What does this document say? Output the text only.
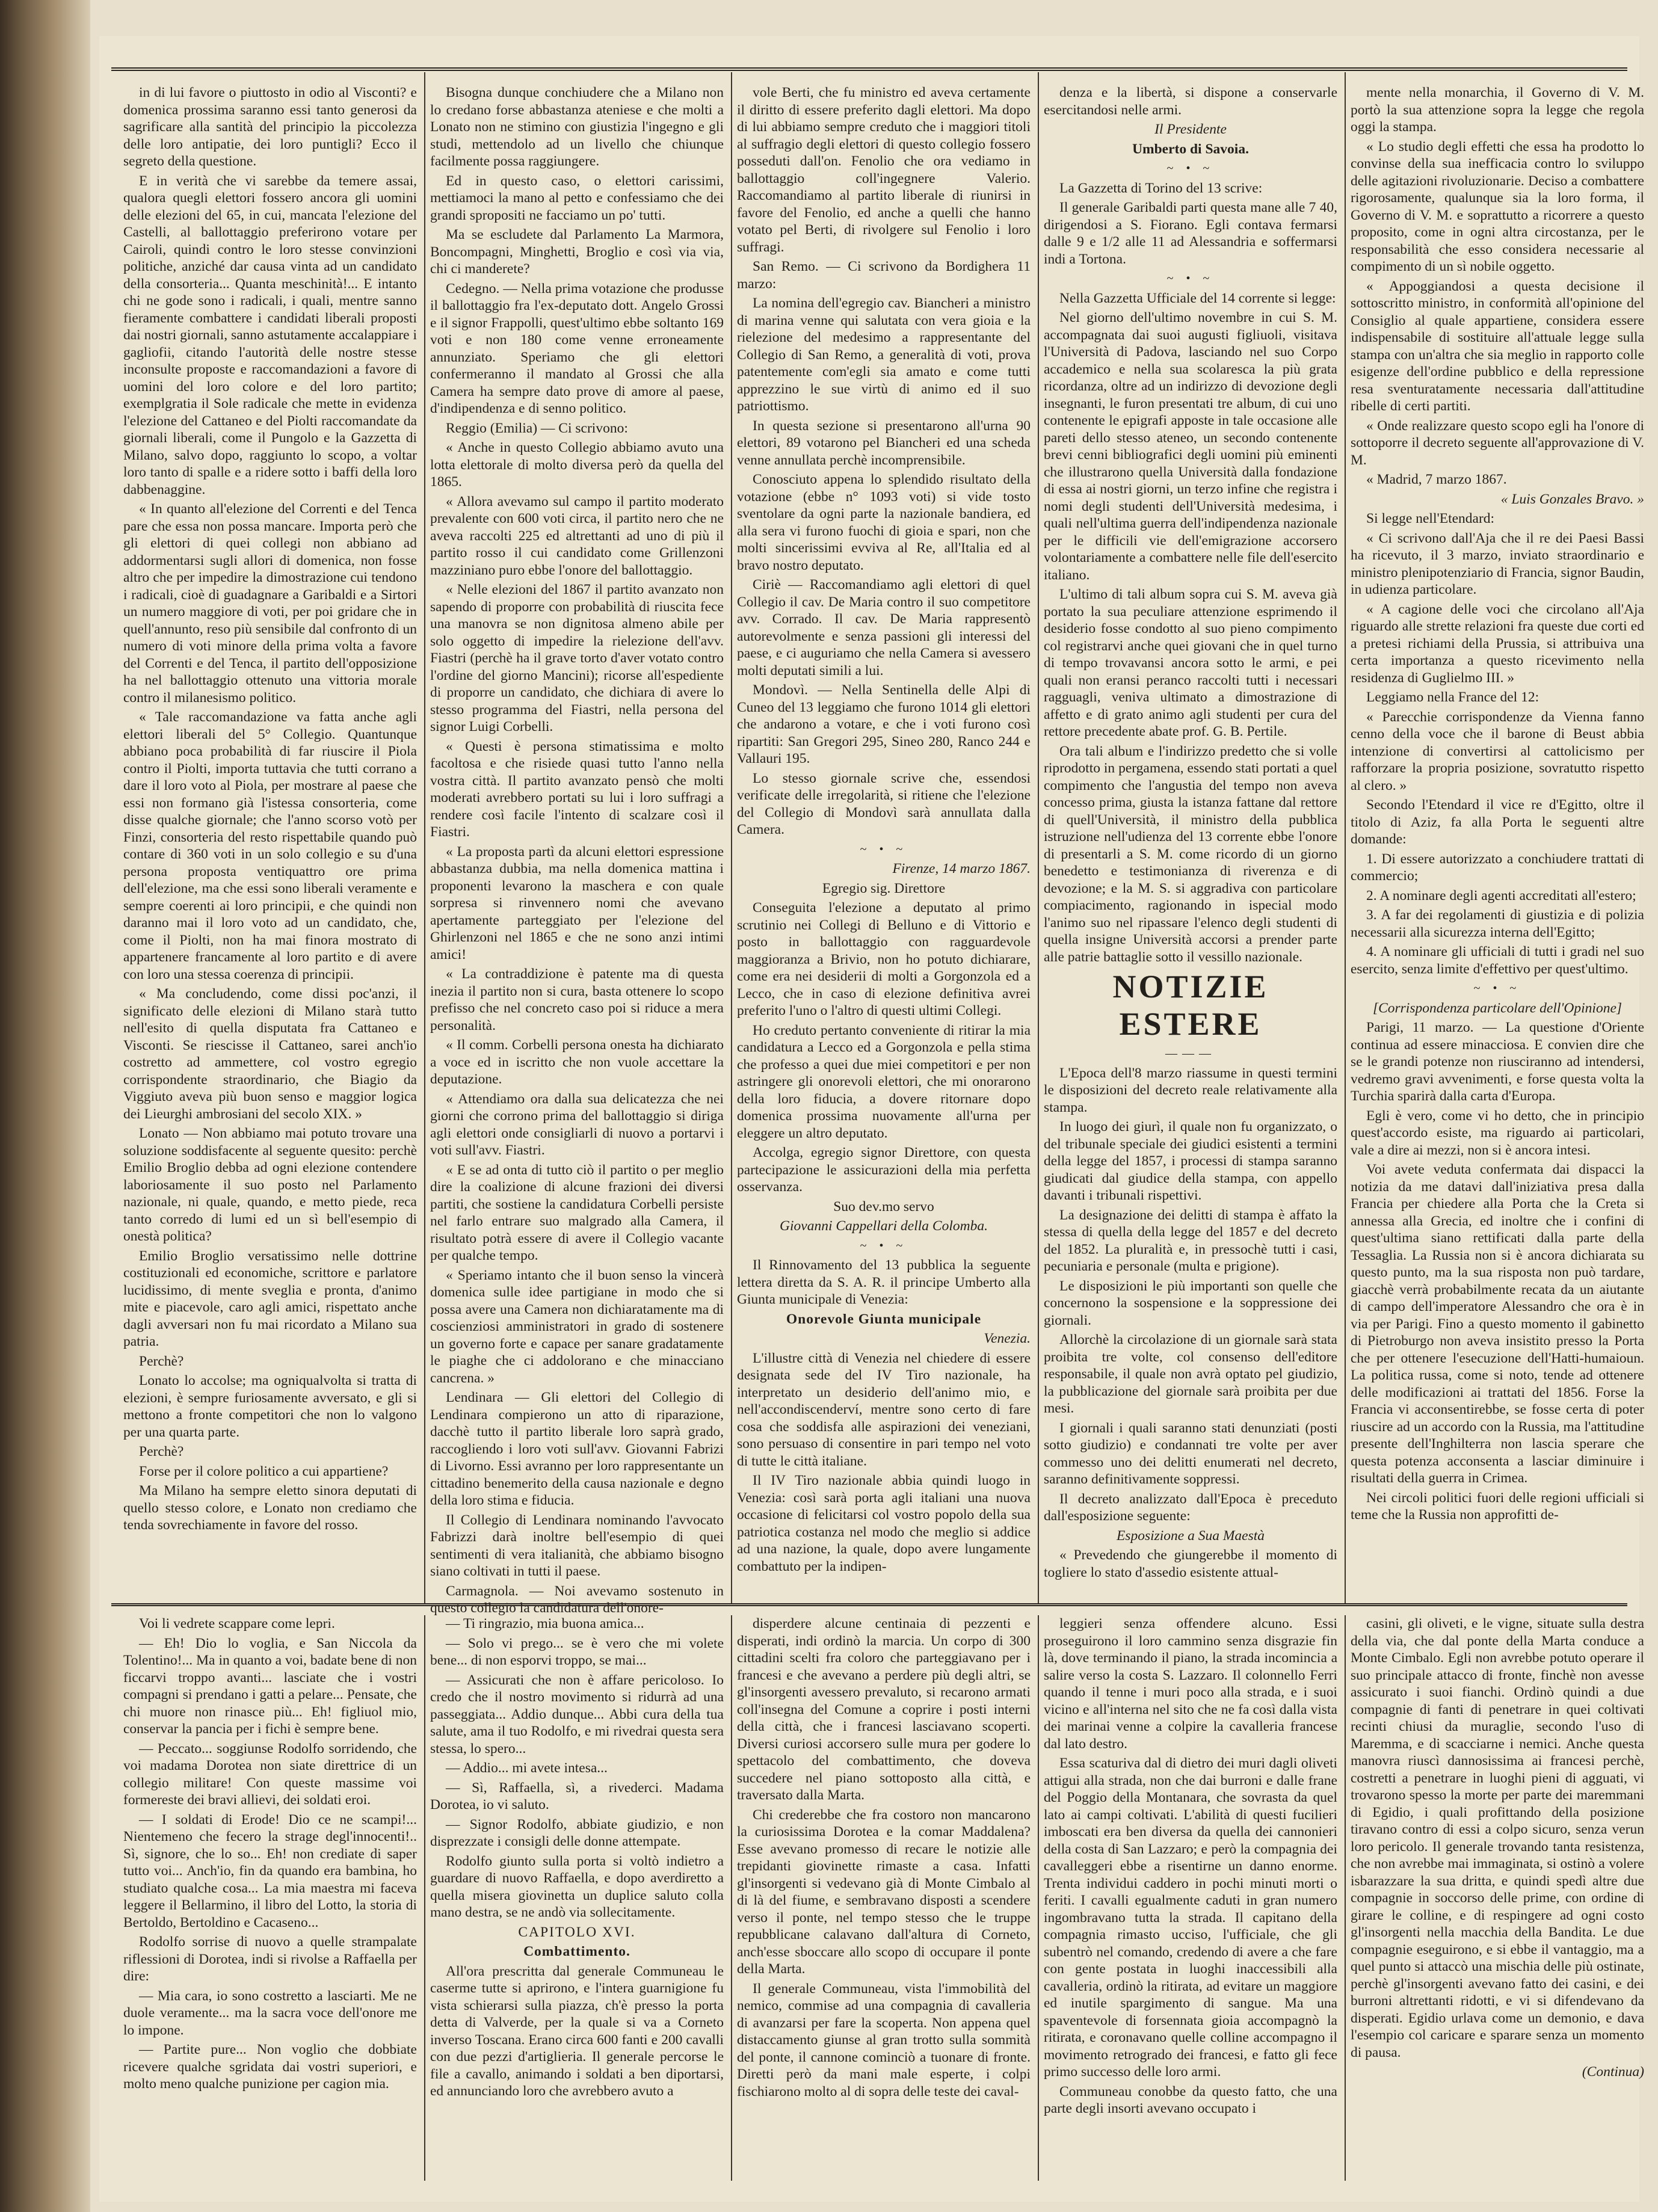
in di lui favore o piuttosto in odio al Visconti? e domenica prossima saranno essi tanto generosi da sagrificare alla santità del principio la piccolezza delle loro antipatie, dei loro puntigli? Ecco il segreto della questione.

E in verità che vi sarebbe da temere assai, qualora quegli elettori fossero ancora gli uomini delle elezioni del 65, in cui, mancata l'elezione del Castelli, al ballottaggio preferirono votare per Cairoli, quindi contro le loro stesse convinzioni politiche, anziché dar causa vinta ad un candidato della consorteria... Quanta meschinità!... E intanto chi ne gode sono i radicali, i quali, mentre sanno fieramente combattere i candidati liberali proposti dai nostri giornali, sanno astutamente accalappiare i gagliofii, citando l'autorità delle nostre stesse inconsulte proposte e raccomandazioni a favore di uomini del loro colore e del loro partito; exemplgratia il Sole radicale che mette in evidenza l'elezione del Cattaneo e del Piolti raccomandate da giornali liberali, come il Pungolo e la Gazzetta di Milano, salvo dopo, raggiunto lo scopo, a voltar loro tanto di spalle e a ridere sotto i baffi della loro dabbenaggine.

« In quanto all'elezione del Correnti e del Tenca pare che essa non possa mancare. Importa però che gli elettori di quei collegi non abbiano ad addormentarsi sugli allori di domenica, non fosse altro che per impedire la dimostrazione cui tendono i radicali, cioè di guadagnare a Garibaldi e a Sirtori un numero maggiore di voti, per poi gridare che in quell'annunto, reso più sensibile dal confronto di un numero di voti minore della prima volta a favore del Correnti e del Tenca, il partito dell'opposizione ha nel ballottaggio ottenuto una vittoria morale contro il milanesismo politico.

« Tale raccomandazione va fatta anche agli elettori liberali del 5° Collegio. Quantunque abbiano poca probabilità di far riuscire il Piola contro il Piolti, importa tuttavia che tutti corrano a dare il loro voto al Piola, per mostrare al paese che essi non formano già l'istessa consorteria, come disse qualche giornale; che l'anno scorso votò per Finzi, consorteria del resto rispettabile quando può contare di 360 voti in un solo collegio e su d'una persona proposta ventiquattro ore prima dell'elezione, ma che essi sono liberali veramente e sempre coerenti ai loro principii, e che quindi non daranno mai il loro voto ad un candidato, che, come il Piolti, non ha mai finora mostrato di appartenere francamente al loro partito e di avere con loro una stessa coerenza di principii.

« Ma concludendo, come dissi poc'anzi, il significato delle elezioni di Milano starà tutto nell'esito di quella disputata fra Cattaneo e Visconti. Se riescisse il Cattaneo, sarei anch'io costretto ad ammettere, col vostro egregio corrispondente straordinario, che Biagio da Viggiuto aveva più buon senso e maggior logica dei Lieurghi ambrosiani del secolo XIX. »

Lonato — Non abbiamo mai potuto trovare una soluzione soddisfacente al seguente quesito: perchè Emilio Broglio debba ad ogni elezione contendere laboriosamente il suo posto nel Parlamento nazionale, ni quale, quando, e metto piede, reca tanto corredo di lumi ed un sì bell'esempio di onestà politica?

Emilio Broglio versatissimo nelle dottrine costituzionali ed economiche, scrittore e parlatore lucidissimo, di mente sveglia e pronta, d'animo mite e piacevole, caro agli amici, rispettato anche dagli avversari non fu mai ricordato a Milano sua patria.

Perchè?

Lonato lo accolse; ma ogniqualvolta si tratta di elezioni, è sempre furiosamente avversato, e gli si mettono a fronte competitori che non lo valgono per una quarta parte.

Perchè?

Forse per il colore politico a cui appartiene?

Ma Milano ha sempre eletto sinora deputati di quello stesso colore, e Lonato non crediamo che tenda sovrechiamente in favore del rosso.

Bisogna dunque conchiudere che a Milano non lo credano forse abbastanza ateniese e che molti a Lonato non ne stimino con giustizia l'ingegno e gli studi, mettendolo ad un livello che chiunque facilmente possa raggiungere.

Ed in questo caso, o elettori carissimi, mettiamoci la mano al petto e confessiamo che dei grandi spropositi ne facciamo un po' tutti.

Ma se escludete dal Parlamento La Marmora, Boncompagni, Minghetti, Broglio e così via via, chi ci manderete?

Cedegno. — Nella prima votazione che produsse il ballottaggio fra l'ex-deputato dott. Angelo Grossi e il signor Frappolli, quest'ultimo ebbe soltanto 169 voti e non 180 come venne erroneamente annunziato. Speriamo che gli elettori confermeranno il mandato al Grossi che alla Camera ha sempre dato prove di amore al paese, d'indipendenza e di senno politico.

Reggio (Emilia) — Ci scrivono:

« Anche in questo Collegio abbiamo avuto una lotta elettorale di molto diversa però da quella del 1865.

« Allora avevamo sul campo il partito moderato prevalente con 600 voti circa, il partito nero che ne aveva raccolti 225 ed altrettanti ad uno di più il partito rosso il cui candidato come Grillenzoni mazziniano puro ebbe l'onore del ballottaggio.

« Nelle elezioni del 1867 il partito avanzato non sapendo di proporre con probabilità di riuscita fece una manovra se non dignitosa almeno abile per solo oggetto di impedire la rielezione dell'avv. Fiastri (perchè ha il grave torto d'aver votato contro l'ordine del giorno Mancini); ricorse all'espediente di proporre un candidato, che dichiara di avere lo stesso programma del Fiastri, nella persona del signor Luigi Corbelli.

« Questi è persona stimatissima e molto facoltosa e che risiede quasi tutto l'anno nella vostra città. Il partito avanzato pensò che molti moderati avrebbero portati su lui i loro suffragi a rendere così facile l'intento di scalzare così il Fiastri.

« La proposta partì da alcuni elettori espressione abbastanza dubbia, ma nella domenica mattina i proponenti levarono la maschera e con quale sorpresa si rinvennero nomi che avevano apertamente parteggiato per l'elezione del Ghirlenzoni nel 1865 e che ne sono anzi intimi amici!

« La contraddizione è patente ma di questa inezia il partito non si cura, basta ottenere lo scopo prefisso che nel concreto caso poi si riduce a mera personalità.

« Il comm. Corbelli persona onesta ha dichiarato a voce ed in iscritto che non vuole accettare la deputazione.

« Attendiamo ora dalla sua delicatezza che nei giorni che corrono prima del ballottaggio si diriga agli elettori onde consigliarli di nuovo a portarvi i voti sull'avv. Fiastri.

« E se ad onta di tutto ciò il partito o per meglio dire la coalizione di alcune frazioni dei diversi partiti, che sostiene la candidatura Corbelli persiste nel farlo entrare suo malgrado alla Camera, il risultato potrà essere di avere il Collegio vacante per qualche tempo.

« Speriamo intanto che il buon senso la vincerà domenica sulle idee partigiane in modo che si possa avere una Camera non dichiaratamente ma di coscienziosi amministratori in grado di sostenere un governo forte e capace per sanare gradatamente le piaghe che ci addolorano e che minacciano cancrena. »

Lendinara — Gli elettori del Collegio di Lendinara compierono un atto di riparazione, dacchè tutto il partito liberale loro saprà grado, raccogliendo i loro voti sull'avv. Giovanni Fabrizi di Livorno. Essi avranno per loro rappresentante un cittadino benemerito della causa nazionale e degno della loro stima e fiducia.

Il Collegio di Lendinara nominando l'avvocato Fabrizzi darà inoltre bell'esempio di quei sentimenti di vera italianità, che abbiamo bisogno siano coltivati in tutti il paese.

Carmagnola. — Noi avevamo sostenuto in questo collegio la candidatura dell'onore-

vole Berti, che fu ministro ed aveva certamente il diritto di essere preferito dagli elettori. Ma dopo di lui abbiamo sempre creduto che i maggiori titoli al suffragio degli elettori di questo collegio fossero posseduti dall'on. Fenolio che ora vediamo in ballottaggio coll'ingegnere Valerio. Raccomandiamo al partito liberale di riunirsi in favore del Fenolio, ed anche a quelli che hanno votato pel Berti, di rivolgere sul Fenolio i loro suffragi.

San Remo. — Ci scrivono da Bordighera 11 marzo:

La nomina dell'egregio cav. Biancheri a ministro di marina venne qui salutata con vera gioia e la rielezione del medesimo a rappresentante del Collegio di San Remo, a generalità di voti, prova patentemente com'egli sia amato e come tutti apprezzino le sue virtù di animo ed il suo patriottismo.

In questa sezione si presentarono all'urna 90 elettori, 89 votarono pel Biancheri ed una scheda venne annullata perchè incomprensibile.

Conosciuto appena lo splendido risultato della votazione (ebbe n° 1093 voti) si vide tosto sventolare da ogni parte la nazionale bandiera, ed alla sera vi furono fuochi di gioia e spari, non che molti sincerissimi evviva al Re, all'Italia ed al bravo nostro deputato.

Ciriè — Raccomandiamo agli elettori di quel Collegio il cav. De Maria contro il suo competitore avv. Corrado. Il cav. De Maria rappresentò autorevolmente e senza passioni gli interessi del paese, e ci auguriamo che nella Camera si avessero molti deputati simili a lui.

Mondovì. — Nella Sentinella delle Alpi di Cuneo del 13 leggiamo che furono 1014 gli elettori che andarono a votare, e che i voti furono così ripartiti: San Gregori 295, Sineo 280, Ranco 244 e Vallauri 195.

Lo stesso giornale scrive che, essendosi verificate delle irregolarità, si ritiene che l'elezione del Collegio di Mondovì sarà annullata dalla Camera.

~ • ~

Firenze, 14 marzo 1867.

Egregio sig. Direttore

Conseguita l'elezione a deputato al primo scrutinio nei Collegi di Belluno e di Vittorio e posto in ballottaggio con ragguardevole maggioranza a Brivio, non ho potuto dichiarare, come era nei desiderii di molti a Gorgonzola ed a Lecco, che in caso di elezione definitiva avrei preferito l'uno o l'altro di questi ultimi Collegi.

Ho creduto pertanto conveniente di ritirar la mia candidatura a Lecco ed a Gorgonzola e pella stima che professo a quei due miei competitori e per non astringere gli onorevoli elettori, che mi onorarono della loro fiducia, a dovere ritornare dopo domenica prossima nuovamente all'urna per eleggere un altro deputato.

Accolga, egregio signor Direttore, con questa partecipazione le assicurazioni della mia perfetta osservanza.

Suo dev.mo servo

Giovanni Cappellari della Colomba.

~ • ~

Il Rinnovamento del 13 pubblica la seguente lettera diretta da S. A. R. il principe Umberto alla Giunta municipale di Venezia:

Onorevole Giunta municipale

Venezia.

L'illustre città di Venezia nel chiedere di essere designata sede del IV Tiro nazionale, ha interpretato un desiderio dell'animo mio, e nell'accondiscenderví, mentre sono certo di fare cosa che soddisfa alle aspirazioni dei veneziani, sono persuaso di consentire in pari tempo nel voto di tutte le città italiane.

Il IV Tiro nazionale abbia quindi luogo in Venezia: così sarà porta agli italiani una nuova occasione di felicitarsi col vostro popolo della sua patriotica costanza nel modo che meglio si addice ad una nazione, la quale, dopo avere lungamente combattuto per la indipen-

denza e la libertà, si dispone a conservarle esercitandosi nelle armi.

Il Presidente

Umberto di Savoia.

~ • ~

La Gazzetta di Torino del 13 scrive:

Il generale Garibaldi parti questa mane alle 7 40, dirigendosi a S. Fiorano. Egli contava fermarsi dalle 9 e 1/2 alle 11 ad Alessandria e soffermarsi indi a Tortona.

~ • ~

Nella Gazzetta Ufficiale del 14 corrente si legge:

Nel giorno dell'ultimo novembre in cui S. M. accompagnata dai suoi augusti figliuoli, visitava l'Università di Padova, lasciando nel suo Corpo accademico e nella sua scolaresca la più grata ricordanza, oltre ad un indirizzo di devozione degli insegnanti, le furon presentati tre album, di cui uno contenente le epigrafi apposte in tale occasione alle pareti dello stesso ateneo, un secondo contenente brevi cenni bibliografici degli uomini più eminenti che illustrarono quella Università dalla fondazione di essa ai nostri giorni, un terzo infine che registra i nomi degli studenti dell'Università medesima, i quali nell'ultima guerra dell'indipendenza nazionale per le difficili vie dell'emigrazione accorsero volontariamente a combattere nelle file dell'esercito italiano.

L'ultimo di tali album sopra cui S. M. aveva già portato la sua peculiare attenzione esprimendo il desiderio fosse condotto al suo pieno compimento col registrarvi anche quei giovani che in quel turno di tempo trovavansi ancora sotto le armi, e pei quali non eransi peranco raccolti tutti i necessari ragguagli, veniva ultimato a dimostrazione di affetto e di grato animo agli studenti per cura del rettore precedente abate prof. G. B. Pertile.

Ora tali album e l'indirizzo predetto che si volle riprodotto in pergamena, essendo stati portati a quel compimento che l'angustia del tempo non aveva concesso prima, giusta la istanza fattane dal rettore di quell'Università, il ministro della pubblica istruzione nell'udienza del 13 corrente ebbe l'onore di presentarli a S. M. come ricordo di un giorno benedetto e testimonianza di riverenza e di devozione; e la M. S. si aggradiva con particolare compiacimento, ragionando in ispecial modo l'animo suo nel ripassare l'elenco degli studenti di quella insigne Università accorsi a prender parte alle patrie battaglie sotto il vessillo nazionale.

NOTIZIE ESTERE

———

L'Epoca dell'8 marzo riassume in questi termini le disposizioni del decreto reale relativamente alla stampa.

In luogo dei giurì, il quale non fu organizzato, o del tribunale speciale dei giudici esistenti a termini della legge del 1857, i processi di stampa saranno giudicati dal giudice della stampa, con appello davanti i tribunali rispettivi.

La designazione dei delitti di stampa è affato la stessa di quella della legge del 1857 e del decreto del 1852. La pluralità e, in pressochè tutti i casi, pecuniaria e personale (multa e prigione).

Le disposizioni le più importanti son quelle che concernono la sospensione e la soppressione dei giornali.

Allorchè la circolazione di un giornale sarà stata proibita tre volte, col consenso dell'editore responsabile, il quale non avrà optato pel giudizio, la pubblicazione del giornale sarà proibita per due mesi.

I giornali i quali saranno stati denunziati (posti sotto giudizio) e condannati tre volte per aver commesso uno dei delitti enumerati nel decreto, saranno definitivamente soppressi.

Il decreto analizzato dall'Epoca è preceduto dall'esposizione seguente:

Esposizione a Sua Maestà

« Prevedendo che giungerebbe il momento di togliere lo stato d'assedio esistente attual-

mente nella monarchia, il Governo di V. M. portò la sua attenzione sopra la legge che regola oggi la stampa.

« Lo studio degli effetti che essa ha prodotto lo convinse della sua inefficacia contro lo sviluppo delle agitazioni rivoluzionarie. Deciso a combattere rigorosamente, qualunque sia la loro forma, il Governo di V. M. e soprattutto a ricorrere a questo proposito, come in ogni altra circostanza, per le responsabilità che esso considera necessarie al compimento di un sì nobile oggetto.

« Appoggiandosi a questa decisione il sottoscritto ministro, in conformità all'opinione del Consiglio al quale appartiene, considera essere indispensabile di sostituire all'attuale legge sulla stampa con un'altra che sia meglio in rapporto colle esigenze dell'ordine pubblico e della repressione resa sventuratamente necessaria dall'attitudine ribelle di certi partiti.

« Onde realizzare questo scopo egli ha l'onore di sottoporre il decreto seguente all'approvazione di V. M.

« Madrid, 7 marzo 1867.

« Luis Gonzales Bravo. »

Si legge nell'Etendard:

« Ci scrivono dall'Aja che il re dei Paesi Bassi ha ricevuto, il 3 marzo, inviato straordinario e ministro plenipotenziario di Francia, signor Baudin, in udienza particolare.

« A cagione delle voci che circolano all'Aja riguardo alle strette relazioni fra queste due corti ed a pretesi richiami della Prussia, si attribuiva una certa importanza a questo ricevimento nella residenza di Guglielmo III. »

Leggiamo nella France del 12:

« Parecchie corrispondenze da Vienna fanno cenno della voce che il barone di Beust abbia intenzione di convertirsi al cattolicismo per rafforzare la propria posizione, sovratutto rispetto al clero. »

Secondo l'Etendard il vice re d'Egitto, oltre il titolo di Aziz, fa alla Porta le seguenti altre domande:

1. Di essere autorizzato a conchiudere trattati di commercio;

2. A nominare degli agenti accreditati all'estero;

3. A far dei regolamenti di giustizia e di polizia necessarii alla sicurezza interna dell'Egitto;

4. A nominare gli ufficiali di tutti i gradi nel suo esercito, senza limite d'effettivo per quest'ultimo.

~ • ~

[Corrispondenza particolare dell'Opinione]

Parigi, 11 marzo. — La questione d'Oriente continua ad essere minacciosa. E convien dire che se le grandi potenze non riusciranno ad intendersi, vedremo gravi avvenimenti, e forse questa volta la Turchia sparirà dalla carta d'Europa.

Egli è vero, come vi ho detto, che in principio quest'accordo esiste, ma riguardo ai particolari, vale a dire ai mezzi, non si è ancora intesi.

Voi avete veduta confermata dai dispacci la notizia da me datavi dall'iniziativa presa dalla Francia per chiedere alla Porta che la Creta si annessa alla Grecia, ed inoltre che i confini di quest'ultima siano rettificati dalla parte della Tessaglia. La Russia non si è ancora dichiarata su questo punto, ma la sua risposta non può tardare, giacchè verrà probabilmente recata da un aiutante di campo dell'imperatore Alessandro che ora è in via per Parigi. Fino a questo momento il gabinetto di Pietroburgo non aveva insistito presso la Porta che per ottenere l'esecuzione dell'Hatti-humaioun. La politica russa, come si noto, tende ad ottenere delle modificazioni ai trattati del 1856. Forse la Francia vi acconsentirebbe, se fosse certa di poter riuscire ad un accordo con la Russia, ma l'attitudine presente dell'Inghilterra non lascia sperare che questa potenza acconsenta a lasciar diminuire i risultati della guerra in Crimea.

Nei circoli politici fuori delle regioni ufficiali si teme che la Russia non approfitti de-

Voi li vedrete scappare come lepri.

— Eh! Dio lo voglia, e San Niccola da Tolentino!... Ma in quanto a voi, badate bene di non ficcarvi troppo avanti... lasciate che i vostri compagni si prendano i gatti a pelare... Pensate, che chi muore non rinasce più... Eh! figliuol mio, conservar la pancia per i fichi è sempre bene.

— Peccato... soggiunse Rodolfo sorridendo, che voi madama Dorotea non siate direttrice di un collegio militare! Con queste massime voi formereste dei bravi allievi, dei soldati eroi.

— I soldati di Erode! Dio ce ne scampi!... Nientemeno che fecero la strage degl'innocenti!.. Sì, signore, che lo so... Eh! non crediate di saper tutto voi... Anch'io, fin da quando era bambina, ho studiato qualche cosa... La mia maestra mi faceva leggere il Bellarmino, il libro del Lotto, la storia di Bertoldo, Bertoldino e Cacaseno...

Rodolfo sorrise di nuovo a quelle strampalate riflessioni di Dorotea, indi si rivolse a Raffaella per dire:

— Mia cara, io sono costretto a lasciarti. Me ne duole veramente... ma la sacra voce dell'onore me lo impone.

— Partite pure... Non voglio che dobbiate ricevere qualche sgridata dai vostri superiori, e molto meno qualche punizione per cagion mia.

— Ti ringrazio, mia buona amica...

— Solo vi prego... se è vero che mi volete bene... di non esporvi troppo, se mai...

— Assicurati che non è affare pericoloso. Io credo che il nostro movimento si ridurrà ad una passeggiata... Addio dunque... Abbi cura della tua salute, ama il tuo Rodolfo, e mi rivedrai questa sera stessa, lo spero...

— Addio... mi avete intesa...

— Sì, Raffaella, sì, a rivederci. Madama Dorotea, io vi saluto.

— Signor Rodolfo, abbiate giudizio, e non disprezzate i consigli delle donne attempate.

Rodolfo giunto sulla porta si voltò indietro a guardare di nuovo Raffaella, e dopo averdiretto a quella misera giovinetta un duplice saluto colla mano destra, se ne andò via sollecitamente.

CAPITOLO XVI.

Combattimento.

All'ora prescritta dal generale Communeau le caserme tutte si aprirono, e l'intera guarnigione fu vista schierarsi sulla piazza, ch'è presso la porta detta di Valverde, per la quale si va a Corneto inverso Toscana. Erano circa 600 fanti e 200 cavalli con due pezzi d'artiglieria. Il generale percorse le file a cavallo, animando i soldati a ben diportarsi, ed annunciando loro che avrebbero avuto a

disperdere alcune centinaia di pezzenti e disperati, indi ordinò la marcia. Un corpo di 300 cittadini scelti fra coloro che parteggiavano per i francesi e che avevano a perdere più degli altri, se gl'insorgenti avessero prevaluto, si recarono armati coll'insegna del Comune a coprire i posti interni della città, che i francesi lasciavano scoperti. Diversi curiosi accorsero sulle mura per godere lo spettacolo del combattimento, che doveva succedere nel piano sottoposto alla città, e traversato dalla Marta.

Chi crederebbe che fra costoro non mancarono la curiosissima Dorotea e la comar Maddalena? Esse avevano promesso di recare le notizie alle trepidanti giovinette rimaste a casa. Infatti gl'insorgenti si vedevano già di Monte Cimbalo al di là del fiume, e sembravano disposti a scendere verso il ponte, nel tempo stesso che le truppe repubblicane calavano dall'altura di Corneto, anch'esse sboccare allo scopo di occupare il ponte della Marta.

Il generale Communeau, vista l'immobilità del nemico, commise ad una compagnia di cavalleria di avanzarsi per fare la scoperta. Non appena quel distaccamento giunse al gran trotto sulla sommità del ponte, il cannone cominciò a tuonare di fronte. Diretti però da mani male esperte, i colpi fischiarono molto al di sopra delle teste dei caval-

leggieri senza offendere alcuno. Essi proseguirono il loro cammino senza disgrazie fin là, dove terminando il piano, la strada incomincia a salire verso la costa S. Lazzaro. Il colonnello Ferri quando il tenne i muri poco alla strada, e i suoi vicino e all'interna nel sito che ne fa così dalla vista dei marinai venne a colpire la cavalleria francese dal lato destro.

Essa scaturiva dal di dietro dei muri dagli oliveti attigui alla strada, non che dai burroni e dalle frane del Poggio della Montanara, che sovrasta da quel lato ai campi coltivati. L'abilità di questi fucilieri imboscati era ben diversa da quella dei cannonieri della costa di San Lazzaro; e però la compagnia dei cavalleggeri ebbe a risentirne un danno enorme. Trenta individui caddero in pochi minuti morti o feriti. I cavalli egualmente caduti in gran numero ingombravano tutta la strada. Il capitano della compagnia rimasto ucciso, l'ufficiale, che gli subentrò nel comando, credendo di avere a che fare con gente postata in luoghi inaccessibili alla cavalleria, ordinò la ritirata, ad evitare un maggiore ed inutile spargimento di sangue. Ma una spaventevole di forsennata gioia accompagnò la ritirata, e coronavano quelle colline accompagno il movimento retrogrado dei francesi, e fatto gli fece primo successo delle loro armi.

Communeau conobbe da questo fatto, che una parte degli insorti avevano occupato i

casini, gli oliveti, e le vigne, situate sulla destra della via, che dal ponte della Marta conduce a Monte Cimbalo. Egli non avrebbe potuto operare il suo principale attacco di fronte, finchè non avesse assicurato i suoi fianchi. Ordinò quindi a due compagnie di fanti di penetrare in quei coltivati recinti chiusi da muraglie, secondo l'uso di Maremma, e di scacciarne i nemici. Anche questa manovra riuscì dannosissima ai francesi perchè, costretti a penetrare in luoghi pieni di agguati, vi trovarono spesso la morte per parte dei maremmani di Egidio, i quali profittando della posizione tiravano contro di essi a colpo sicuro, senza verun loro pericolo. Il generale trovando tanta resistenza, che non avrebbe mai immaginata, si ostinò a volere isbarazzare la sua dritta, e quindi spedì altre due compagnie in soccorso delle prime, con ordine di girare le colline, e di respingere ad ogni costo gl'insorgenti nella macchia della Bandita. Le due compagnie eseguirono, e si ebbe il vantaggio, ma a quel punto si attaccò una mischia delle più ostinate, perchè gl'insorgenti avevano fatto dei casini, e dei burroni altrettanti ridotti, e vi si difendevano da disperati. Egidio urlava come un demonio, e dava l'esempio col caricare e sparare senza un momento di pausa.

(Continua)
